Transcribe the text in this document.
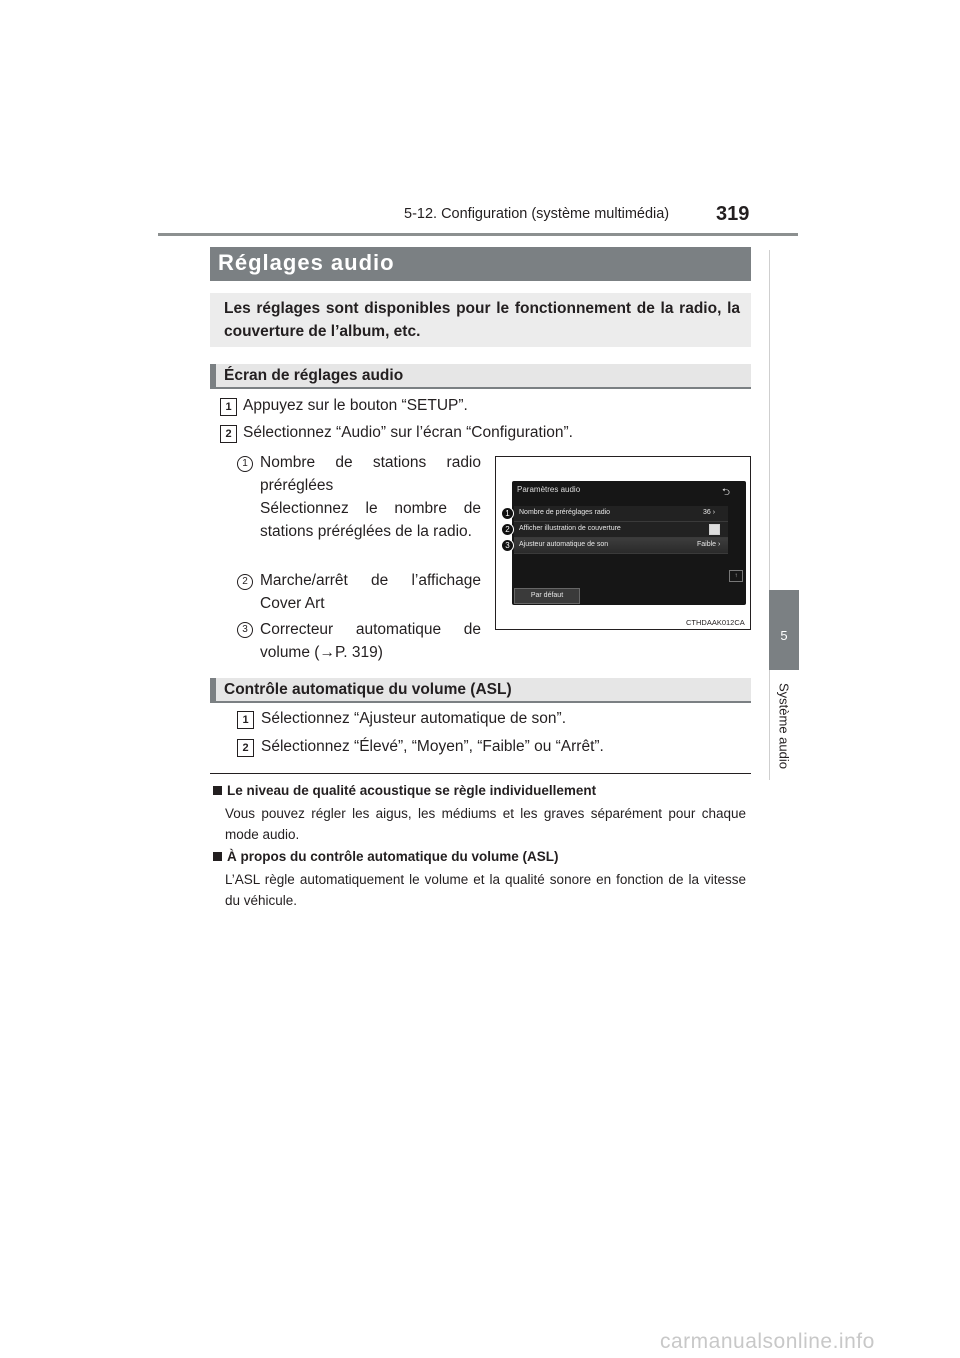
5-12. Configuration (système multimédia) 319
5
Système audio
Réglages audio
Les réglages sont disponibles pour le fonctionnement de la radio, la couverture de l’album, etc.
Écran de réglages audio
1 Appuyez sur le bouton “SETUP”.
2 Sélectionnez “Audio” sur l’écran “Configuration”.
1 Nombre de stations radio préréglées
Sélectionnez le nombre de stations préréglées de la radio.
2 Marche/arrêt de l’affichage Cover Art
3 Correcteur automatique de volume (→P. 319)
Paramètres audio	⮌
Nombre de préréglages radio	36 ›
Afficher illustration de couverture
Ajusteur automatique de son	Faible ›
↑
Par défaut
1
2
3
CTHDAAK012CA
Contrôle automatique du volume (ASL)
1 Sélectionnez “Ajusteur automatique de son”.
2 Sélectionnez “Élevé”, “Moyen”, “Faible” ou “Arrêt”.
Le niveau de qualité acoustique se règle individuellement
Vous pouvez régler les aigus, les médiums et les graves séparément pour chaque mode audio.
À propos du contrôle automatique du volume (ASL)
L’ASL règle automatiquement le volume et la qualité sonore en fonction de la vitesse du véhicule.
carmanualsonline.info
